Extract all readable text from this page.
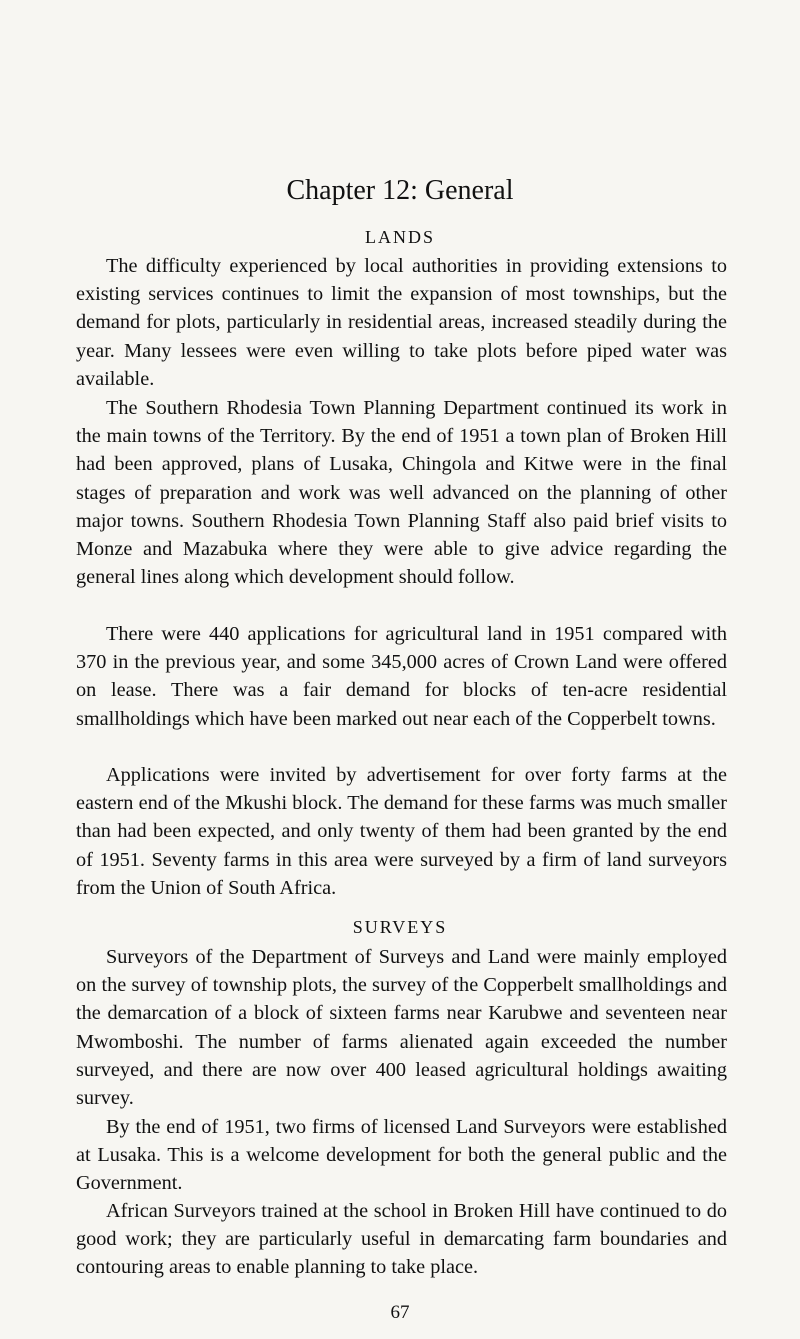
Chapter 12: General
LANDS

The difficulty experienced by local authorities in providing extensions to existing services continues to limit the expansion of most townships, but the demand for plots, particularly in residential areas, increased steadily during the year. Many lessees were even willing to take plots before piped water was available.

The Southern Rhodesia Town Planning Department continued its work in the main towns of the Territory. By the end of 1951 a town plan of Broken Hill had been approved, plans of Lusaka, Chingola and Kitwe were in the final stages of preparation and work was well advanced on the planning of other major towns. Southern Rhodesia Town Planning Staff also paid brief visits to Monze and Mazabuka where they were able to give advice regarding the general lines along which development should follow.

There were 440 applications for agricultural land in 1951 compared with 370 in the previous year, and some 345,000 acres of Crown Land were offered on lease. There was a fair demand for blocks of ten-acre residential smallholdings which have been marked out near each of the Copperbelt towns.

Applications were invited by advertisement for over forty farms at the eastern end of the Mkushi block. The demand for these farms was much smaller than had been expected, and only twenty of them had been granted by the end of 1951. Seventy farms in this area were surveyed by a firm of land surveyors from the Union of South Africa.

SURVEYS

Surveyors of the Department of Surveys and Land were mainly employed on the survey of township plots, the survey of the Copperbelt smallholdings and the demarcation of a block of sixteen farms near Karubwe and seventeen near Mwomboshi. The number of farms alienated again exceeded the number surveyed, and there are now over 400 leased agricultural holdings awaiting survey.

By the end of 1951, two firms of licensed Land Surveyors were established at Lusaka. This is a welcome development for both the general public and the Government.

African Surveyors trained at the school in Broken Hill have continued to do good work; they are particularly useful in demarcating farm boundaries and contouring areas to enable planning to take place.

67
